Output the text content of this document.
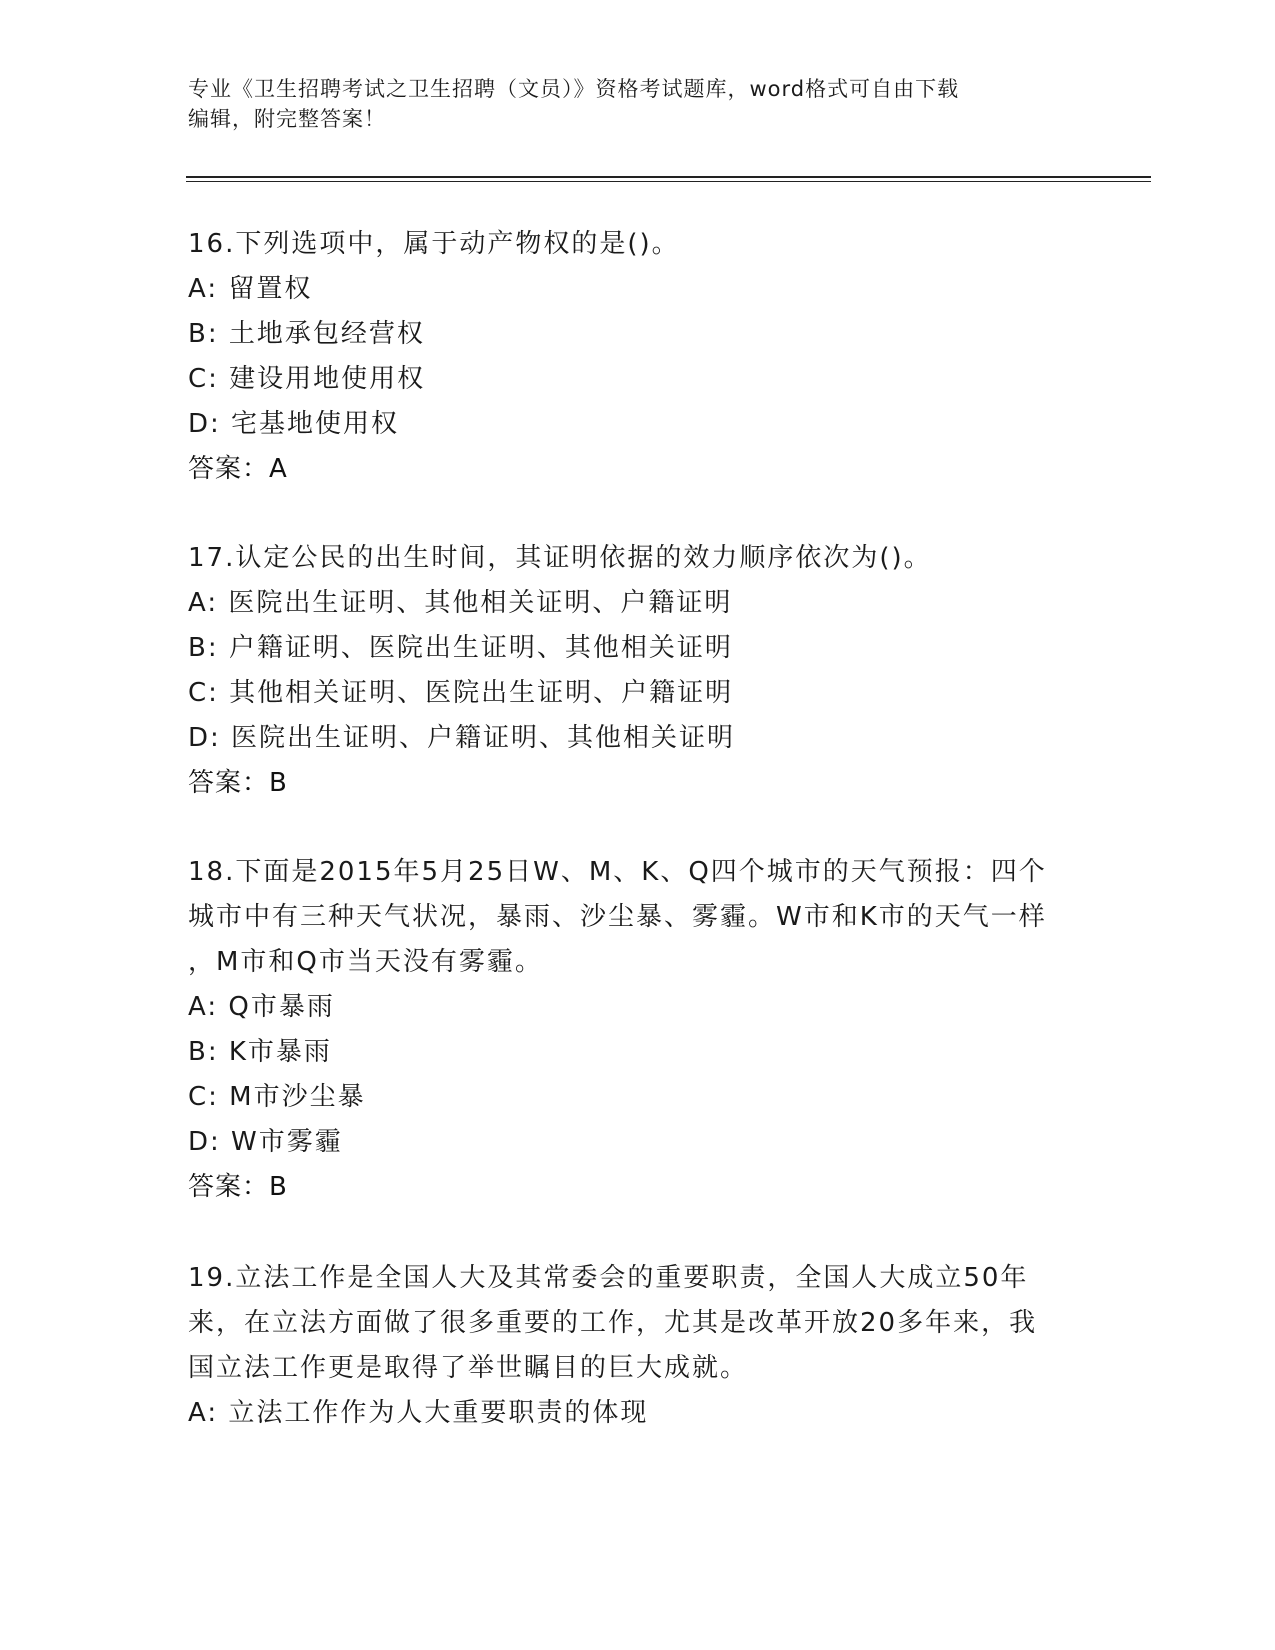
专业《卫生招聘考试之卫生招聘（文员）》资格考试题库，word格式可自由下载
编辑，附完整答案！
16.下列选项中，属于动产物权的是()。
A: 留置权
B: 土地承包经营权
C: 建设用地使用权
D: 宅基地使用权
答案：A
17.认定公民的出生时间，其证明依据的效力顺序依次为()。
A: 医院出生证明、其他相关证明、户籍证明
B: 户籍证明、医院出生证明、其他相关证明
C: 其他相关证明、医院出生证明、户籍证明
D: 医院出生证明、户籍证明、其他相关证明
答案：B
18.下面是2015年5月25日W、M、K、Q四个城市的天气预报：四个
城市中有三种天气状况，暴雨、沙尘暴、雾霾。W市和K市的天气一样
，M市和Q市当天没有雾霾。
A: Q市暴雨
B: K市暴雨
C: M市沙尘暴
D: W市雾霾
答案：B
19.立法工作是全国人大及其常委会的重要职责，全国人大成立50年
来，在立法方面做了很多重要的工作，尤其是改革开放20多年来，我
国立法工作更是取得了举世瞩目的巨大成就。
A: 立法工作作为人大重要职责的体现
